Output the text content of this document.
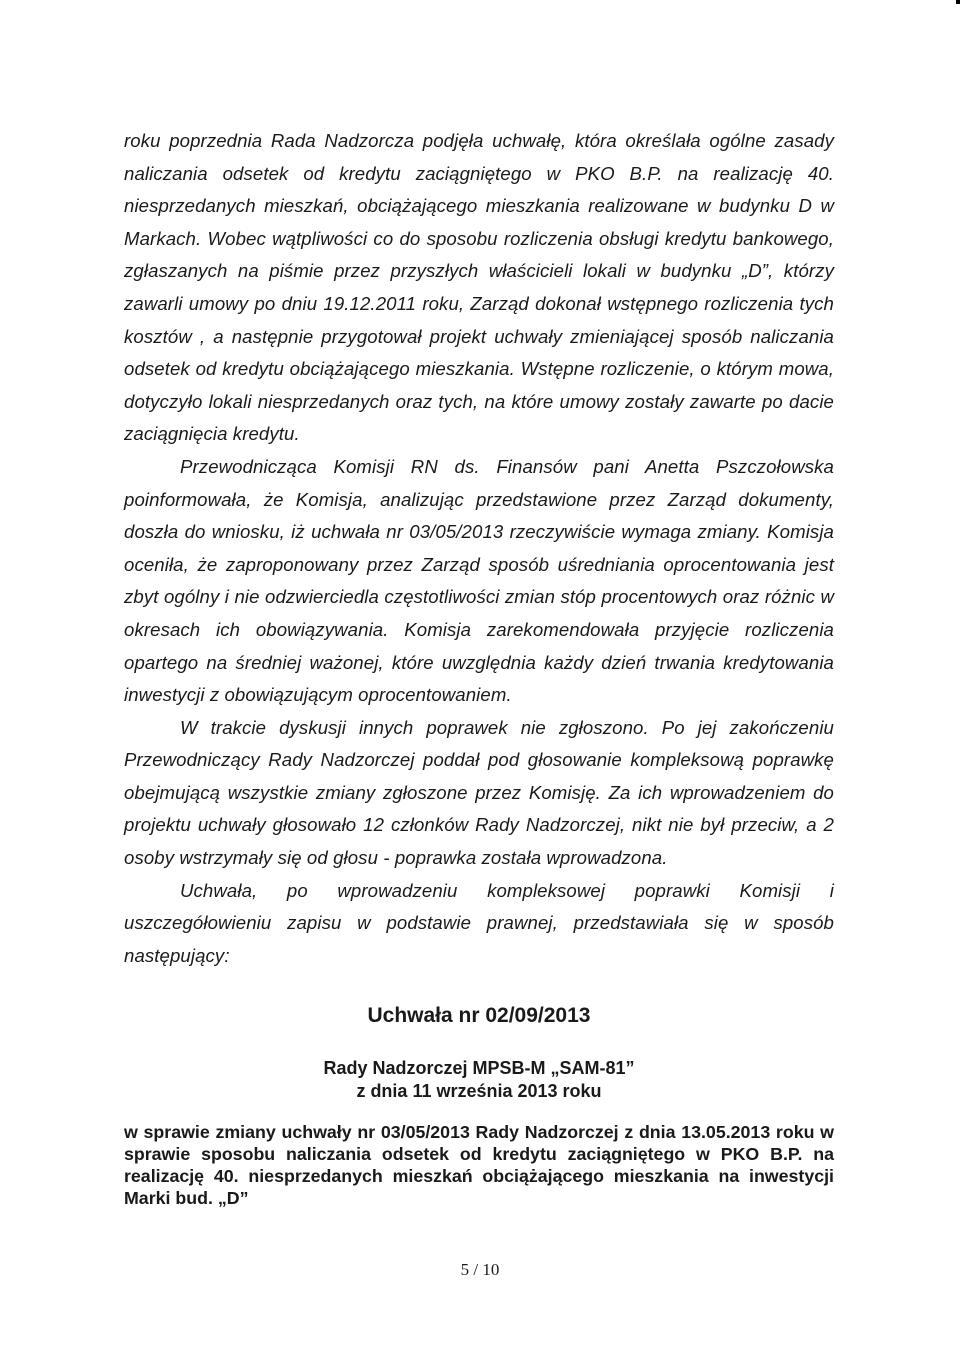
roku poprzednia Rada Nadzorcza podjęła uchwałę, która określała ogólne zasady naliczania odsetek od kredytu zaciągniętego w PKO B.P. na realizację 40. niesprzedanych mieszkań, obciążającego mieszkania realizowane w budynku D w Markach. Wobec wątpliwości co do sposobu rozliczenia obsługi kredytu bankowego, zgłaszanych na piśmie przez przyszłych właścicieli lokali w budynku „D”, którzy zawarli umowy po dniu 19.12.2011 roku, Zarząd dokonał wstępnego rozliczenia tych kosztów , a następnie przygotował projekt uchwały zmieniającej sposób naliczania odsetek od kredytu obciążającego mieszkania. Wstępne rozliczenie, o którym mowa, dotyczyło lokali niesprzedanych oraz tych, na które umowy zostały zawarte po dacie zaciągnięcia kredytu.

Przewodnicząca Komisji RN ds. Finansów pani Anetta Pszczołowska poinformowała, że Komisja, analizując przedstawione przez Zarząd dokumenty, doszła do wniosku, iż uchwała nr 03/05/2013 rzeczywiście wymaga zmiany. Komisja oceniła, że zaproponowany przez Zarząd sposób uśredniania oprocentowania jest zbyt ogólny i nie odzwierciedla częstotliwości zmian stóp procentowych oraz różnic w okresach ich obowiązywania. Komisja zarekomendowała przyjęcie rozliczenia opartego na średniej ważonej, które uwzględnia każdy dzień trwania kredytowania inwestycji z obowiązującym oprocentowaniem.

W trakcie dyskusji innych poprawek nie zgłoszono. Po jej zakończeniu Przewodniczący Rady Nadzorczej poddał pod głosowanie kompleksową poprawkę obejmującą wszystkie zmiany zgłoszone przez Komisję. Za ich wprowadzeniem do projektu uchwały głosowało 12 członków Rady Nadzorczej, nikt nie był przeciw, a 2 osoby wstrzymały się od głosu - poprawka została wprowadzona.

Uchwała, po wprowadzeniu kompleksowej poprawki Komisji i uszczegółowieniu zapisu w podstawie prawnej, przedstawiała się w sposób następujący:

Uchwała nr 02/09/2013
Rady Nadzorczej MPSB-M „SAM-81”
z dnia 11 września 2013 roku

w sprawie zmiany uchwały nr 03/05/2013 Rady Nadzorczej z dnia 13.05.2013 roku w sprawie sposobu naliczania odsetek od kredytu zaciągniętego w PKO B.P. na realizację 40. niesprzedanych mieszkań obciążającego mieszkania na inwestycji Marki bud. „D”

5 / 10
